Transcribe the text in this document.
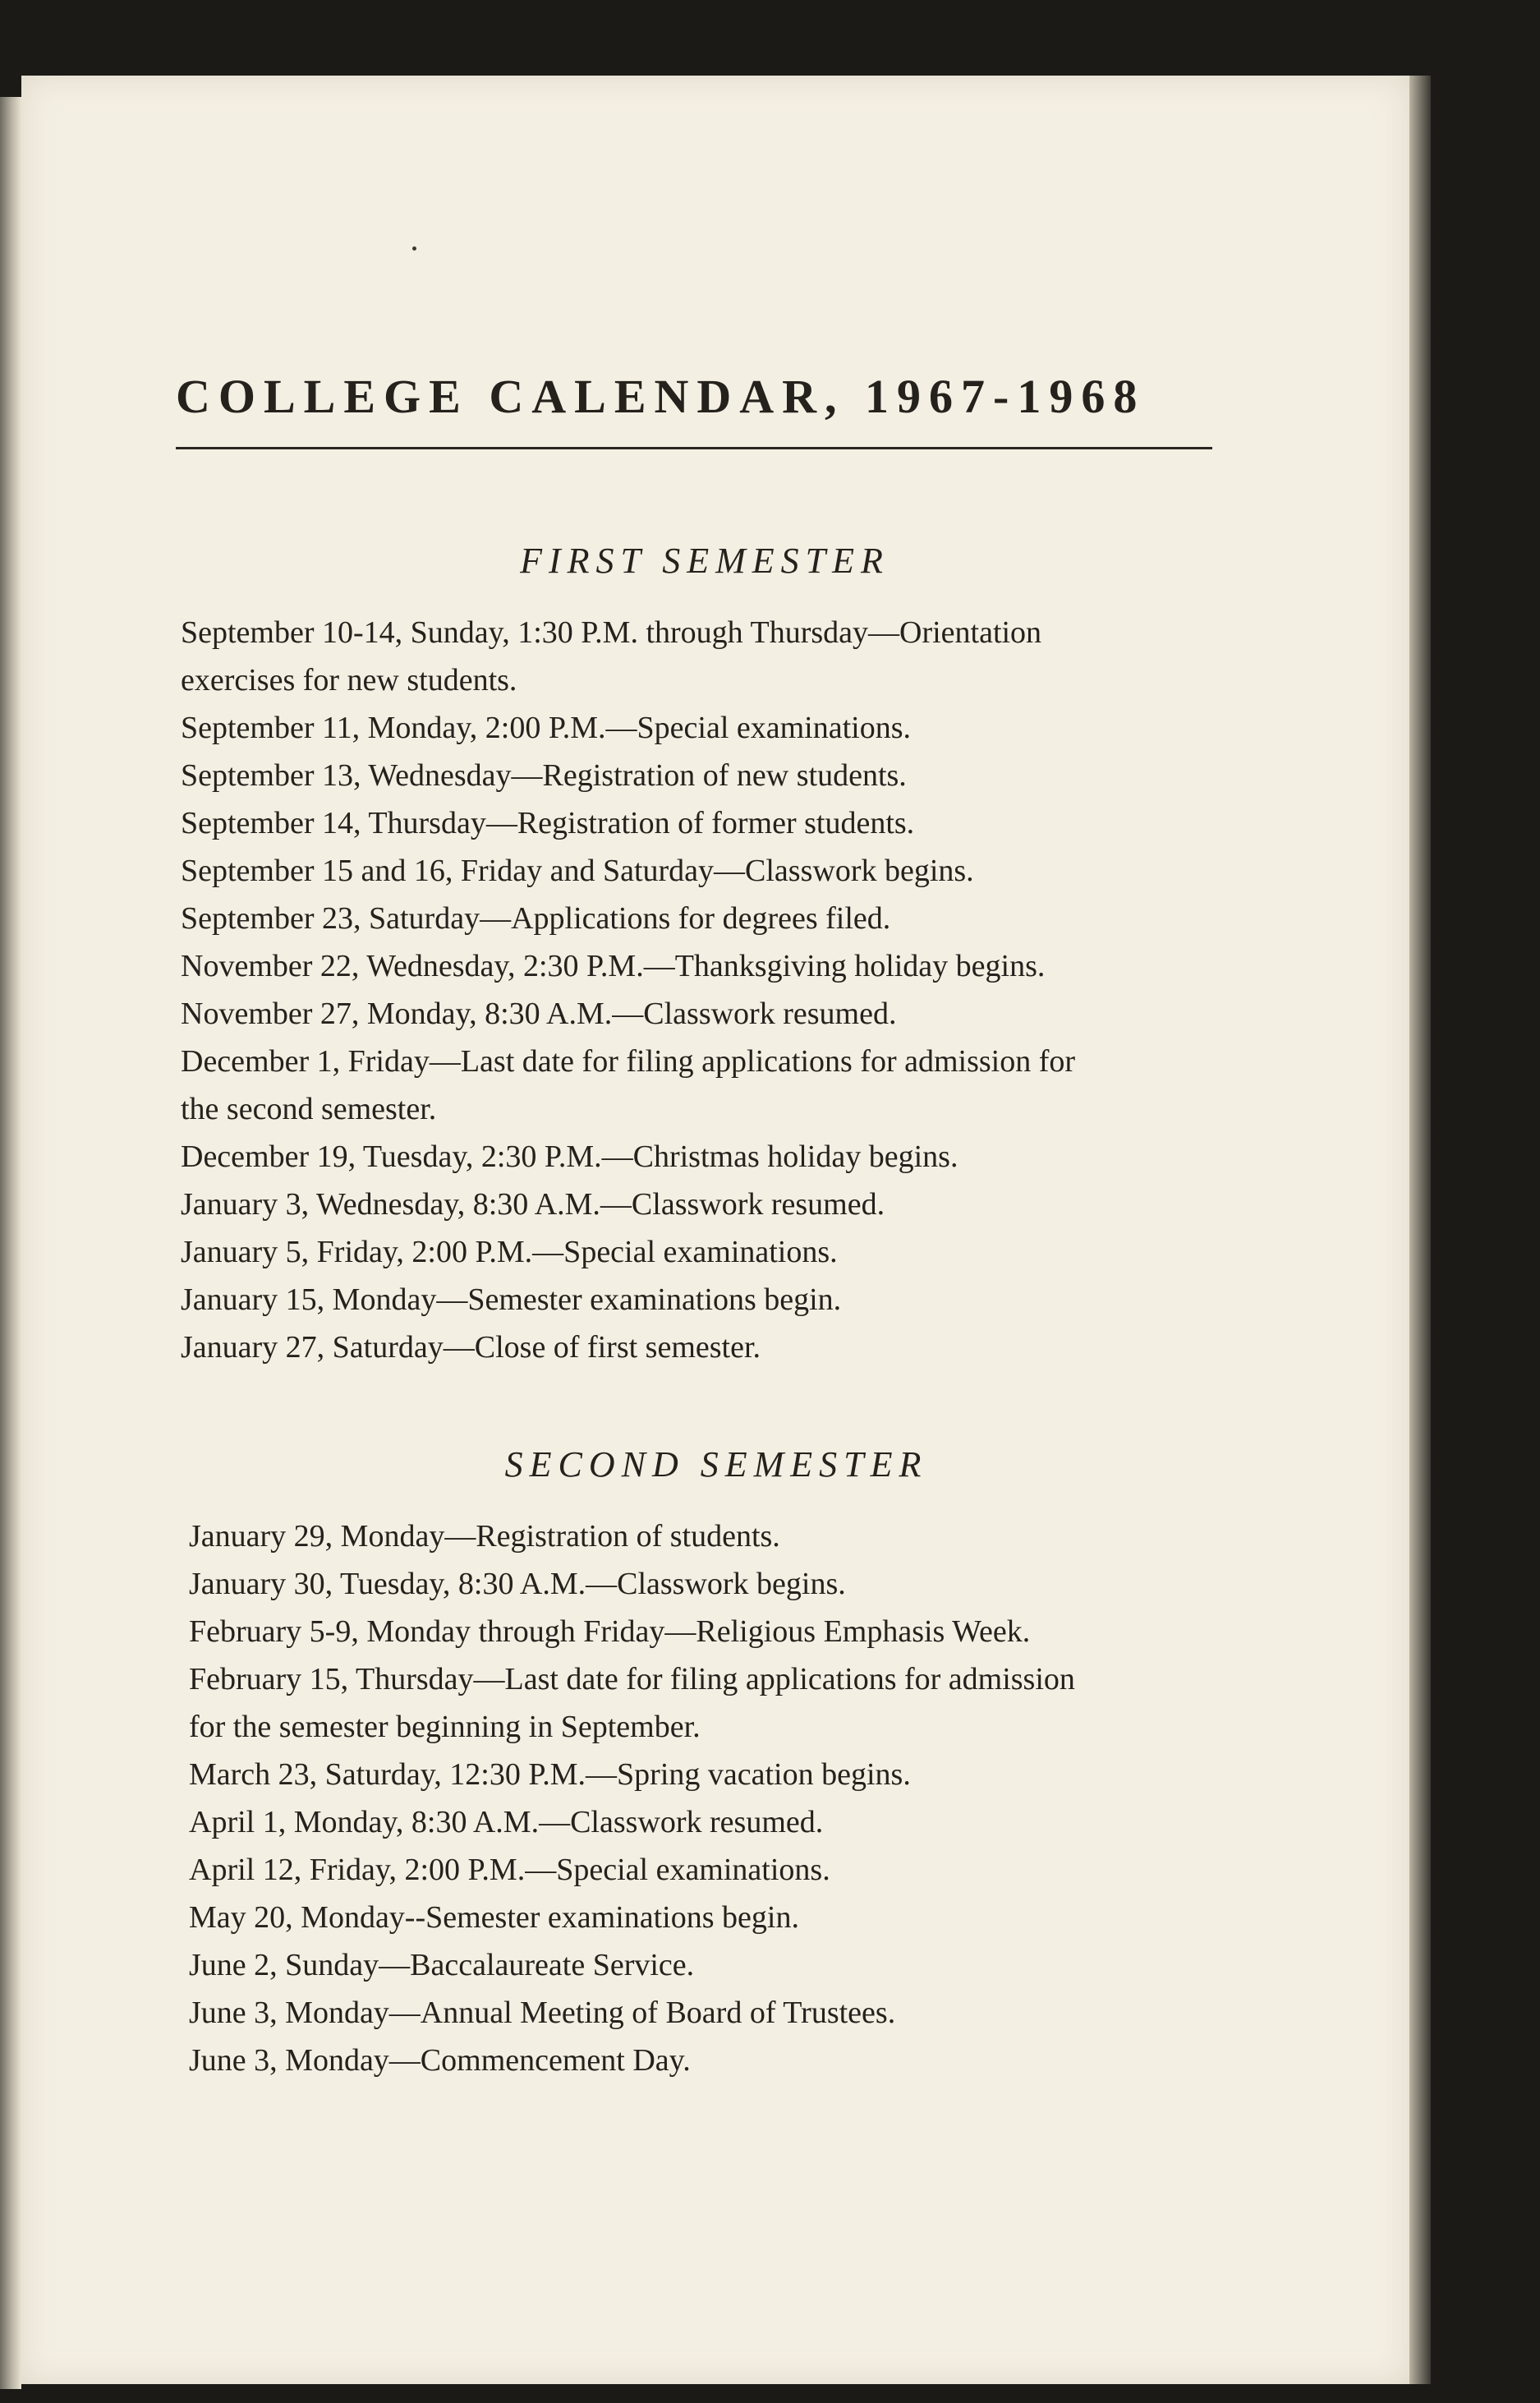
COLLEGE CALENDAR, 1967-1968
FIRST SEMESTER
September 10-14, Sunday, 1:30 P.M. through Thursday—Orientation
exercises for new students.
September 11, Monday, 2:00 P.M.—Special examinations.
September 13, Wednesday—Registration of new students.
September 14, Thursday—Registration of former students.
September 15 and 16, Friday and Saturday—Classwork begins.
September 23, Saturday—Applications for degrees filed.
November 22, Wednesday, 2:30 P.M.—Thanksgiving holiday begins.
November 27, Monday, 8:30 A.M.—Classwork resumed.
December 1, Friday—Last date for filing applications for admission for
the second semester.
December 19, Tuesday, 2:30 P.M.—Christmas holiday begins.
January 3, Wednesday, 8:30 A.M.—Classwork resumed.
January 5, Friday, 2:00 P.M.—Special examinations.
January 15, Monday—Semester examinations begin.
January 27, Saturday—Close of first semester.
SECOND SEMESTER
January 29, Monday—Registration of students.
January 30, Tuesday, 8:30 A.M.—Classwork begins.
February 5-9, Monday through Friday—Religious Emphasis Week.
February 15, Thursday—Last date for filing applications for admission
for the semester beginning in September.
March 23, Saturday, 12:30 P.M.—Spring vacation begins.
April 1, Monday, 8:30 A.M.—Classwork resumed.
April 12, Friday, 2:00 P.M.—Special examinations.
May 20, Monday--Semester examinations begin.
June 2, Sunday—Baccalaureate Service.
June 3, Monday—Annual Meeting of Board of Trustees.
June 3, Monday—Commencement Day.
